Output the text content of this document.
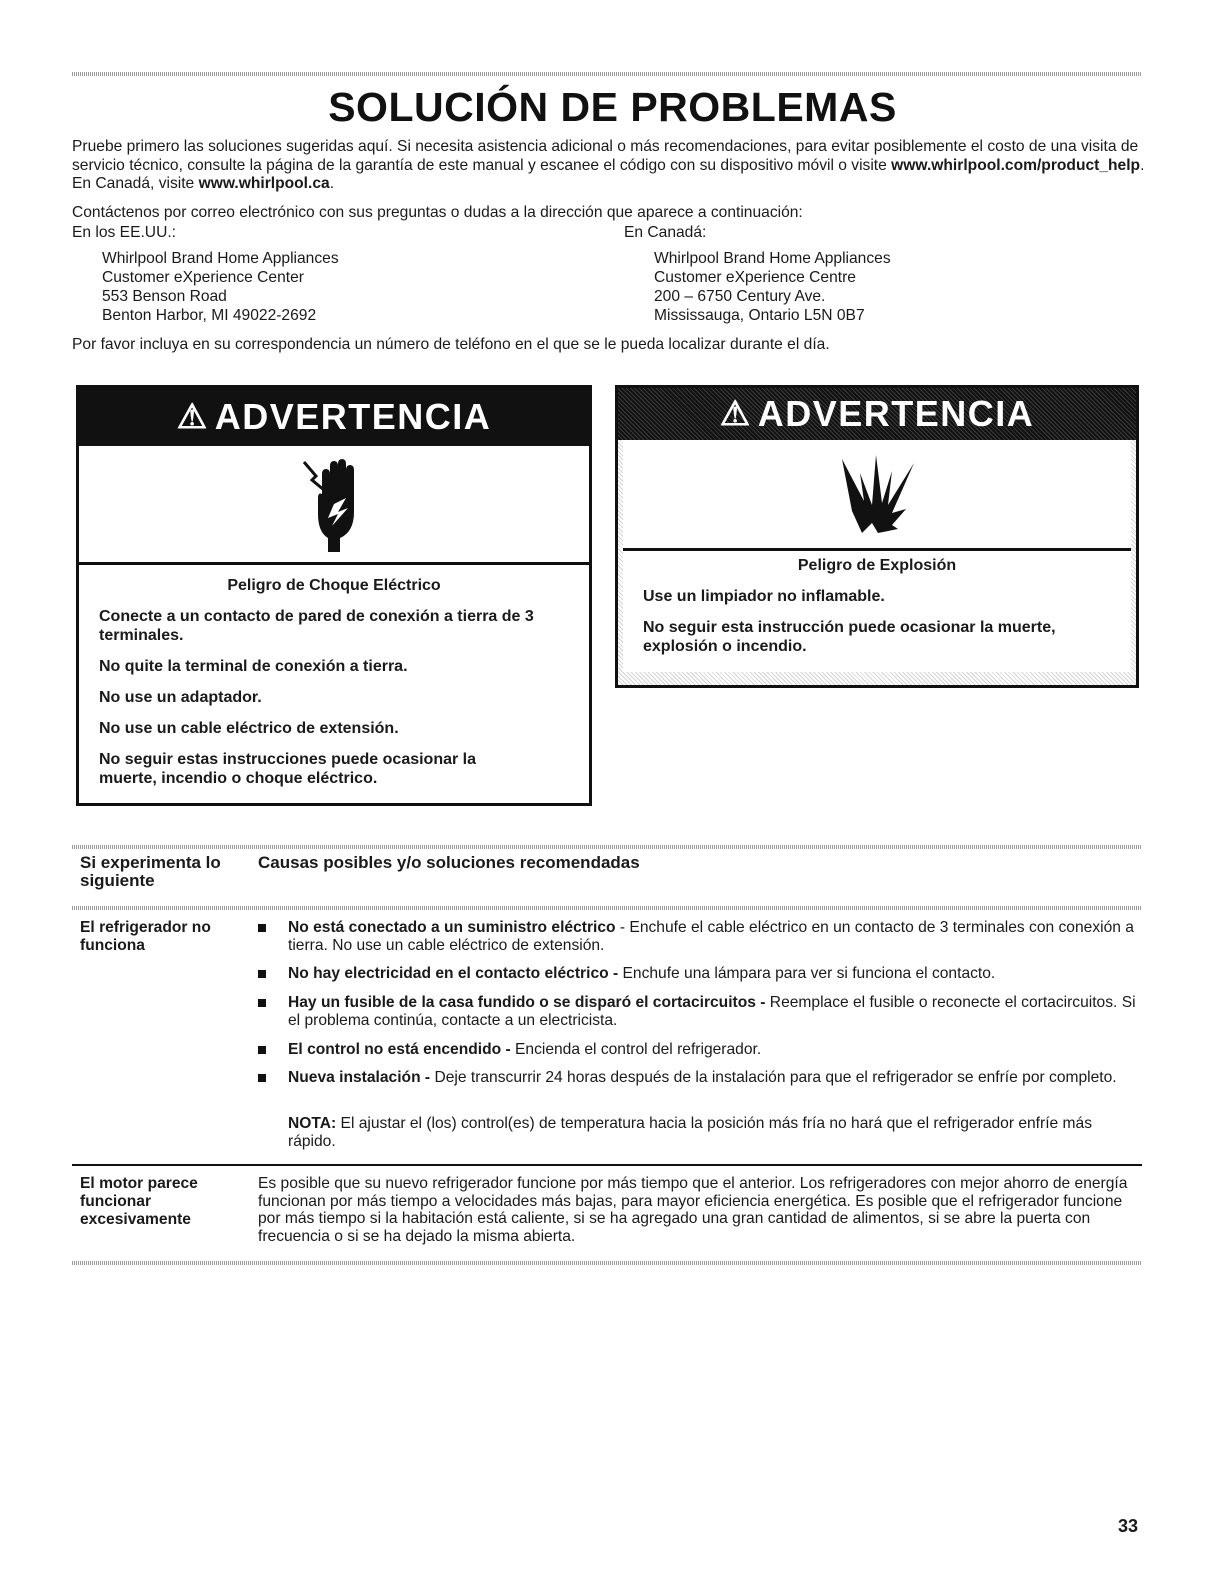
SOLUCIÓN DE PROBLEMAS

Pruebe primero las soluciones sugeridas aquí. Si necesita asistencia adicional o más recomendaciones, para evitar posiblemente el costo de una visita de servicio técnico, consulte la página de la garantía de este manual y escanee el código con su dispositivo móvil o visite www.whirlpool.com/product_help. En Canadá, visite www.whirlpool.ca.

Contáctenos por correo electrónico con sus preguntas o dudas a la dirección que aparece a continuación:

En los EE.UU.:
Whirlpool Brand Home Appliances
Customer eXperience Center
553 Benson Road
Benton Harbor, MI 49022-2692
En Canadá:
Whirlpool Brand Home Appliances
Customer eXperience Centre
200 – 6750 Century Ave.
Mississauga, Ontario L5N 0B7

Por favor incluya en su correspondencia un número de teléfono en el que se le pueda localizar durante el día.

⚠ ADVERTENCIA
Peligro de Choque Eléctrico

Conecte a un contacto de pared de conexión a tierra de 3 terminales.

No quite la terminal de conexión a tierra.

No use un adaptador.

No use un cable eléctrico de extensión.

No seguir estas instrucciones puede ocasionar la muerte, incendio o choque eléctrico.

⚠ ADVERTENCIA
Peligro de Explosión

Use un limpiador no inflamable.

No seguir esta instrucción puede ocasionar la muerte, explosión o incendio.

Si experimenta lo siguiente
Causas posibles y/o soluciones recomendadas
El refrigerador no funciona
No está conectado a un suministro eléctrico - Enchufe el cable eléctrico en un contacto de 3 terminales con conexión a tierra. No use un cable eléctrico de extensión.
No hay electricidad en el contacto eléctrico - Enchufe una lámpara para ver si funciona el contacto.
Hay un fusible de la casa fundido o se disparó el cortacircuitos - Reemplace el fusible o reconecte el cortacircuitos. Si el problema continúa, contacte a un electricista.
El control no está encendido - Encienda el control del refrigerador.
Nueva instalación - Deje transcurrir 24 horas después de la instalación para que el refrigerador se enfríe por completo.
NOTA: El ajustar el (los) control(es) de temperatura hacia la posición más fría no hará que el refrigerador enfríe más rápido.
El motor parece funcionar excesivamente
Es posible que su nuevo refrigerador funcione por más tiempo que el anterior. Los refrigeradores con mejor ahorro de energía funcionan por más tiempo a velocidades más bajas, para mayor eficiencia energética. Es posible que el refrigerador funcione por más tiempo si la habitación está caliente, si se ha agregado una gran cantidad de alimentos, si se abre la puerta con frecuencia o si se ha dejado la misma abierta.
33
